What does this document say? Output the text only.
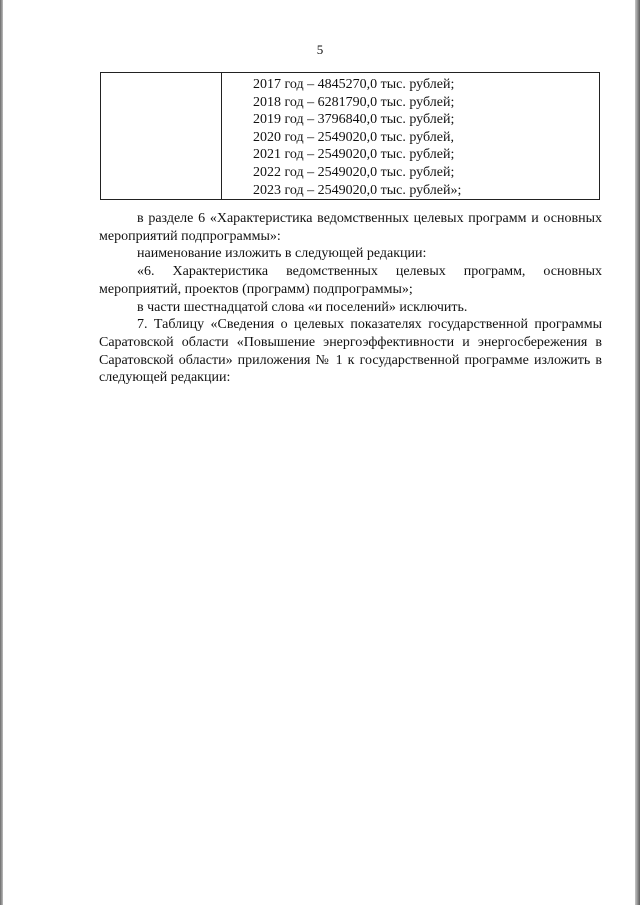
5

2017 год – 4845270,0 тыс. рублей;
2018 год – 6281790,0 тыс. рублей;
2019 год – 3796840,0 тыс. рублей;
2020 год – 2549020,0 тыс. рублей,
2021 год – 2549020,0 тыс. рублей;
2022 год – 2549020,0 тыс. рублей;
2023 год – 2549020,0 тыс. рублей»;

в разделе 6 «Характеристика ведомственных целевых программ и основных мероприятий подпрограммы»:

наименование изложить в следующей редакции:

«6. Характеристика ведомственных целевых программ, основных мероприятий, проектов (программ) подпрограммы»;

в части шестнадцатой слова «и поселений» исключить.

7. Таблицу «Сведения о целевых показателях государственной программы Саратовской области «Повышение энергоэффективности и энергосбережения в Саратовской области» приложения № 1 к государственной программе изложить в следующей редакции:
